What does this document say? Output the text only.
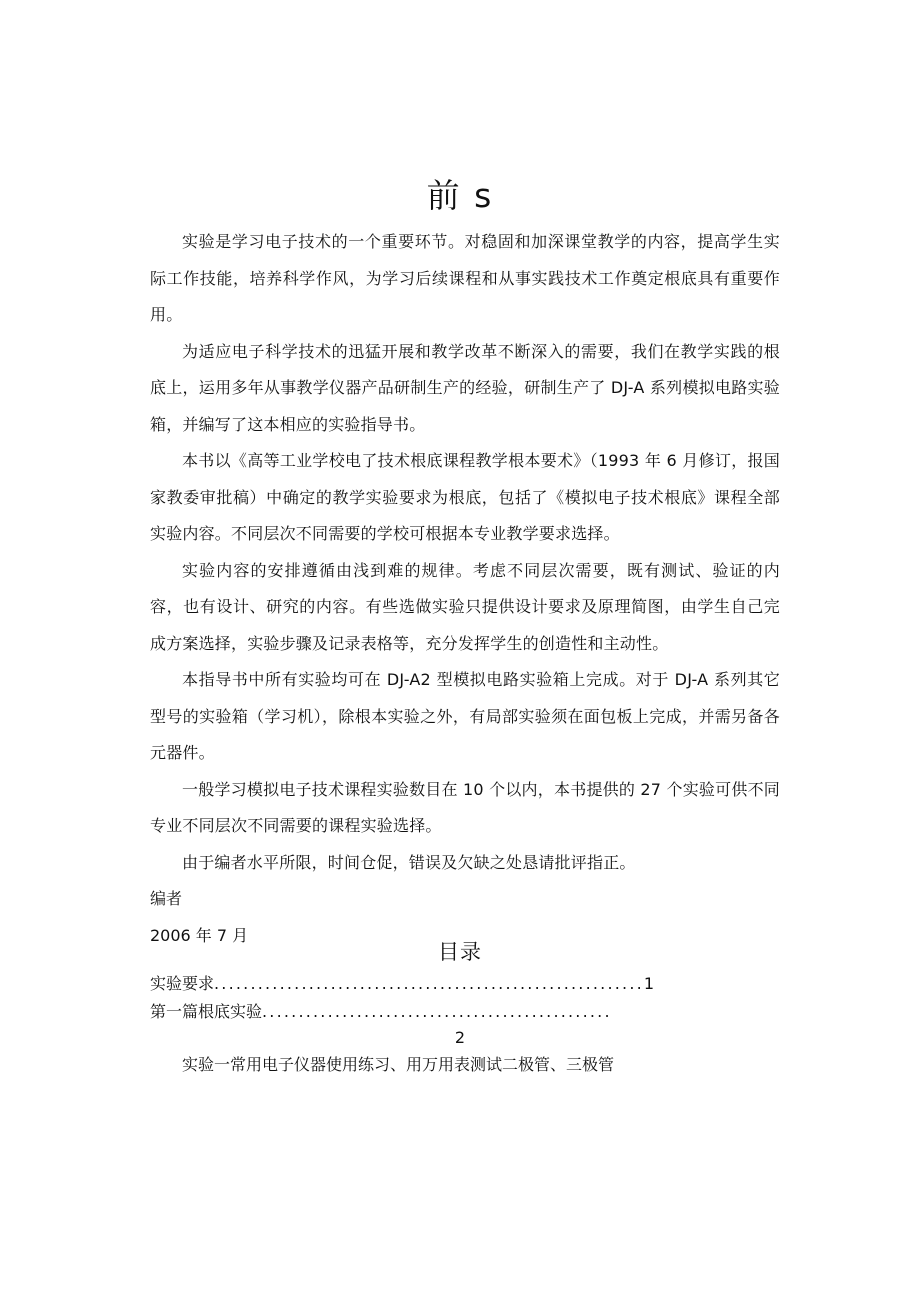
前 s

实验是学习电子技术的一个重要环节。对稳固和加深课堂教学的内容，提高学生实际工作技能，培养科学作风，为学习后续课程和从事实践技术工作奠定根底具有重要作用。

为适应电子科学技术的迅猛开展和教学改革不断深入的需要，我们在教学实践的根底上，运用多年从事教学仪器产品研制生产的经验，研制生产了 DJ-A 系列模拟电路实验箱，并编写了这本相应的实验指导书。

本书以《高等工业学校电了技术根底课程教学根本要术》（1993 年 6 月修订，报国家教委审批稿）中确定的教学实验要求为根底，包括了《模拟电子技术根底》课程全部实验内容。不同层次不同需要的学校可根据本专业教学要求选择。

实验内容的安排遵循由浅到难的规律。考虑不同层次需要，既有测试、验证的内容，也有设计、研究的内容。有些选做实验只提供设计要求及原理简图，由学生自己完成方案选择，实验步骤及记录表格等，充分发挥学生的创造性和主动性。

本指导书中所有实验均可在 DJ-A2 型模拟电路实验箱上完成。对于 DJ-A 系列其它型号的实验箱（学习机），除根本实验之外，有局部实验须在面包板上完成，并需另备各元器件。

一般学习模拟电子技术课程实验数目在 10 个以内，本书提供的 27 个实验可供不同专业不同层次不同需要的课程实验选择。

由于编者水平所限，时间仓促，错误及欠缺之处恳请批评指正。

编者

2006 年 7 月

目录
实验要求...........................................................1
第一篇根底实验................................................
2
实验一常用电子仪器使用练习、用万用表测试二极管、三极管
